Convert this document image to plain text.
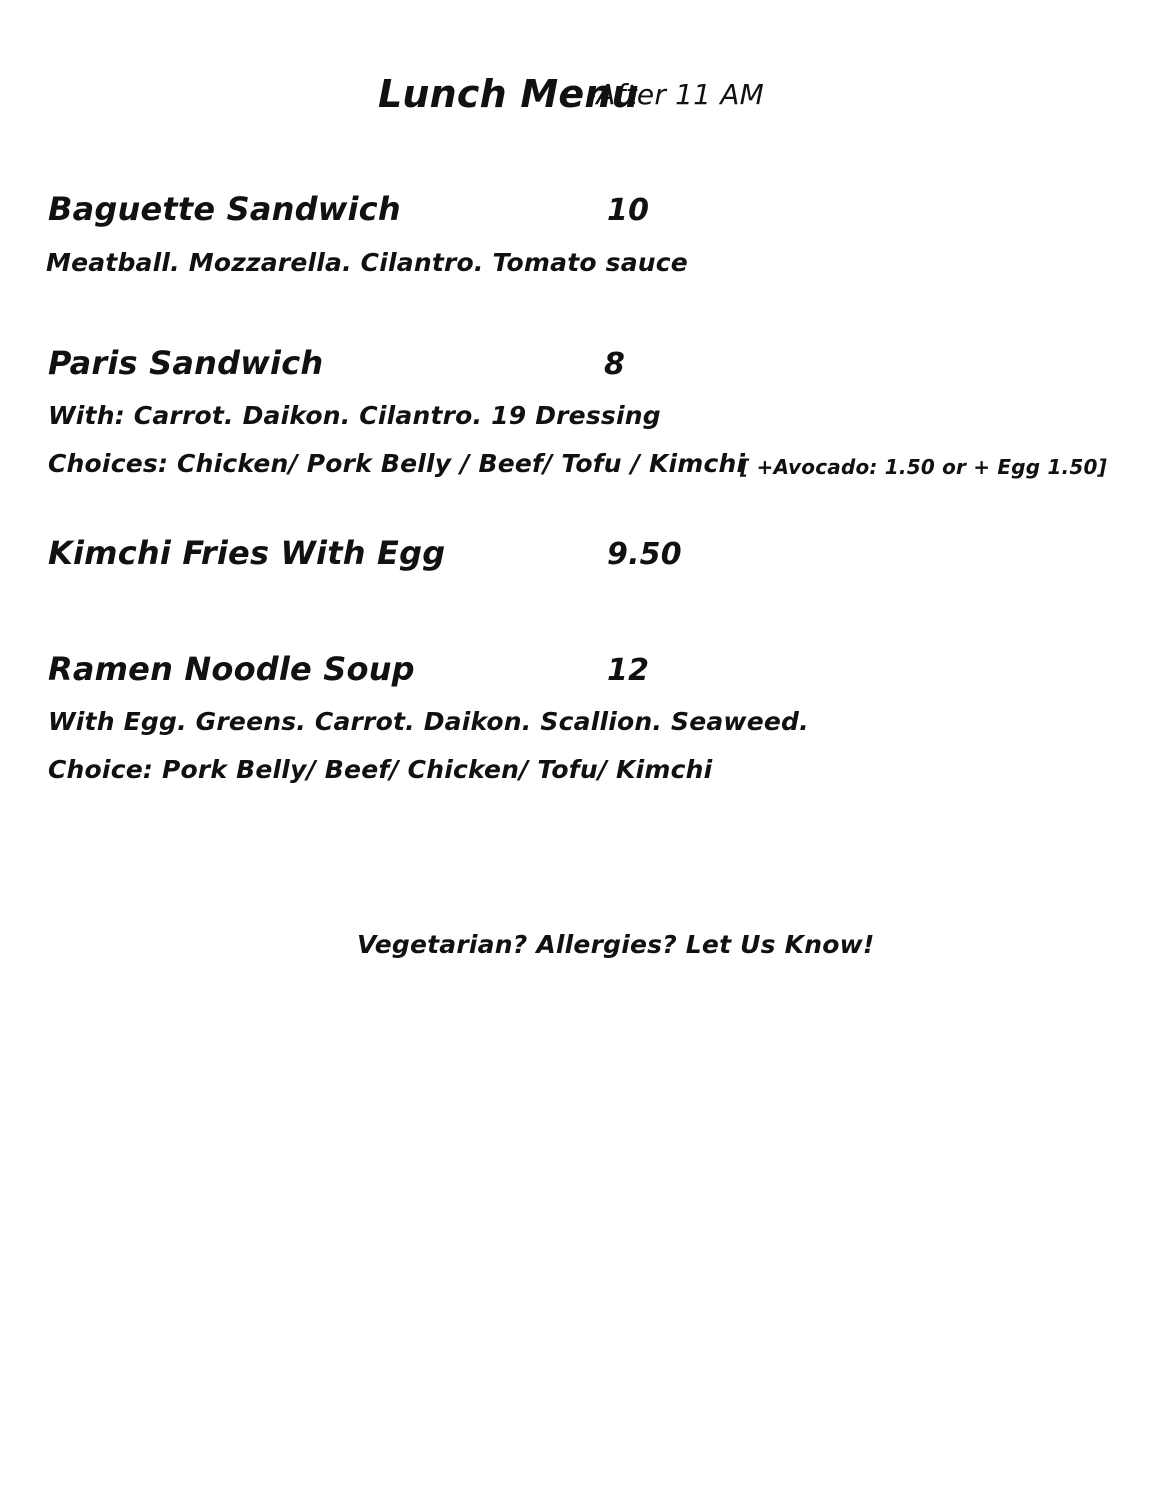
Lunch Menu
-After 11 AM
Baguette Sandwich	10
Meatball. Mozzarella. Cilantro. Tomato sauce
Paris Sandwich	8
With: Carrot. Daikon. Cilantro. 19 Dressing
Choices: Chicken/ Pork Belly / Beef/ Tofu / Kimchi
[ +Avocado: 1.50 or + Egg 1.50]
Kimchi Fries With Egg	9.50
Ramen Noodle Soup	12
With Egg. Greens. Carrot. Daikon. Scallion. Seaweed.
Choice: Pork Belly/ Beef/ Chicken/ Tofu/ Kimchi
Vegetarian? Allergies? Let Us Know!
